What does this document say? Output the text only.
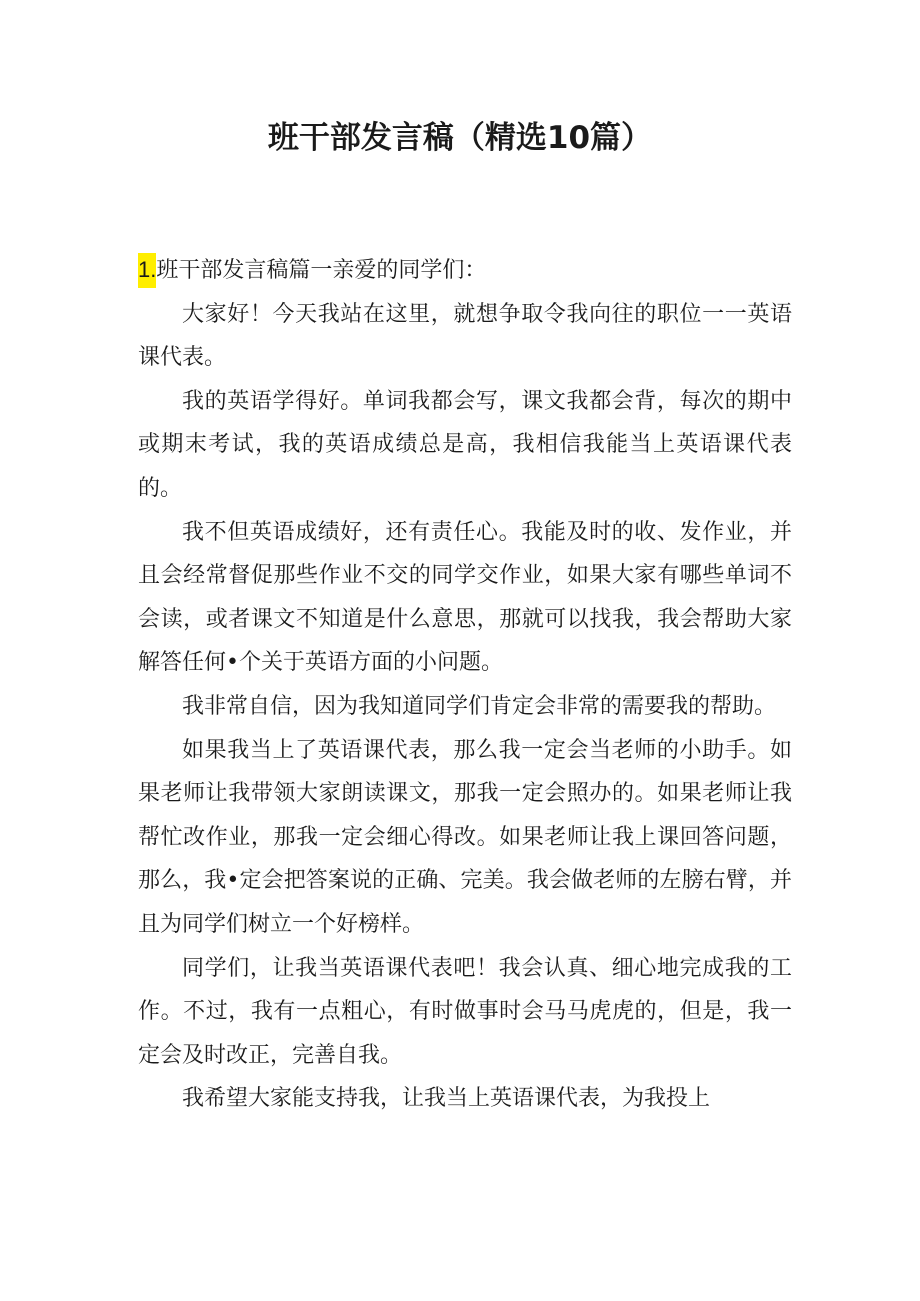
班干部发言稿（精选10篇）

1.班干部发言稿篇一亲爱的同学们：

大家好！今天我站在这里，就想争取令我向往的职位一一英语课代表。

我的英语学得好。单词我都会写，课文我都会背，每次的期中或期末考试，我的英语成绩总是高，我相信我能当上英语课代表的。

我不但英语成绩好，还有责任心。我能及时的收、发作业，并且会经常督促那些作业不交的同学交作业，如果大家有哪些单词不会读，或者课文不知道是什么意思，那就可以找我，我会帮助大家解答任何•个关于英语方面的小问题。

我非常自信，因为我知道同学们肯定会非常的需要我的帮助。

如果我当上了英语课代表，那么我一定会当老师的小助手。如果老师让我带领大家朗读课文，那我一定会照办的。如果老师让我帮忙改作业，那我一定会细心得改。如果老师让我上课回答问题，那么，我•定会把答案说的正确、完美。我会做老师的左膀右臂，并且为同学们树立一个好榜样。

同学们，让我当英语课代表吧！我会认真、细心地完成我的工作。不过，我有一点粗心，有时做事时会马马虎虎的，但是，我一定会及时改正，完善自我。

我希望大家能支持我，让我当上英语课代表，为我投上
